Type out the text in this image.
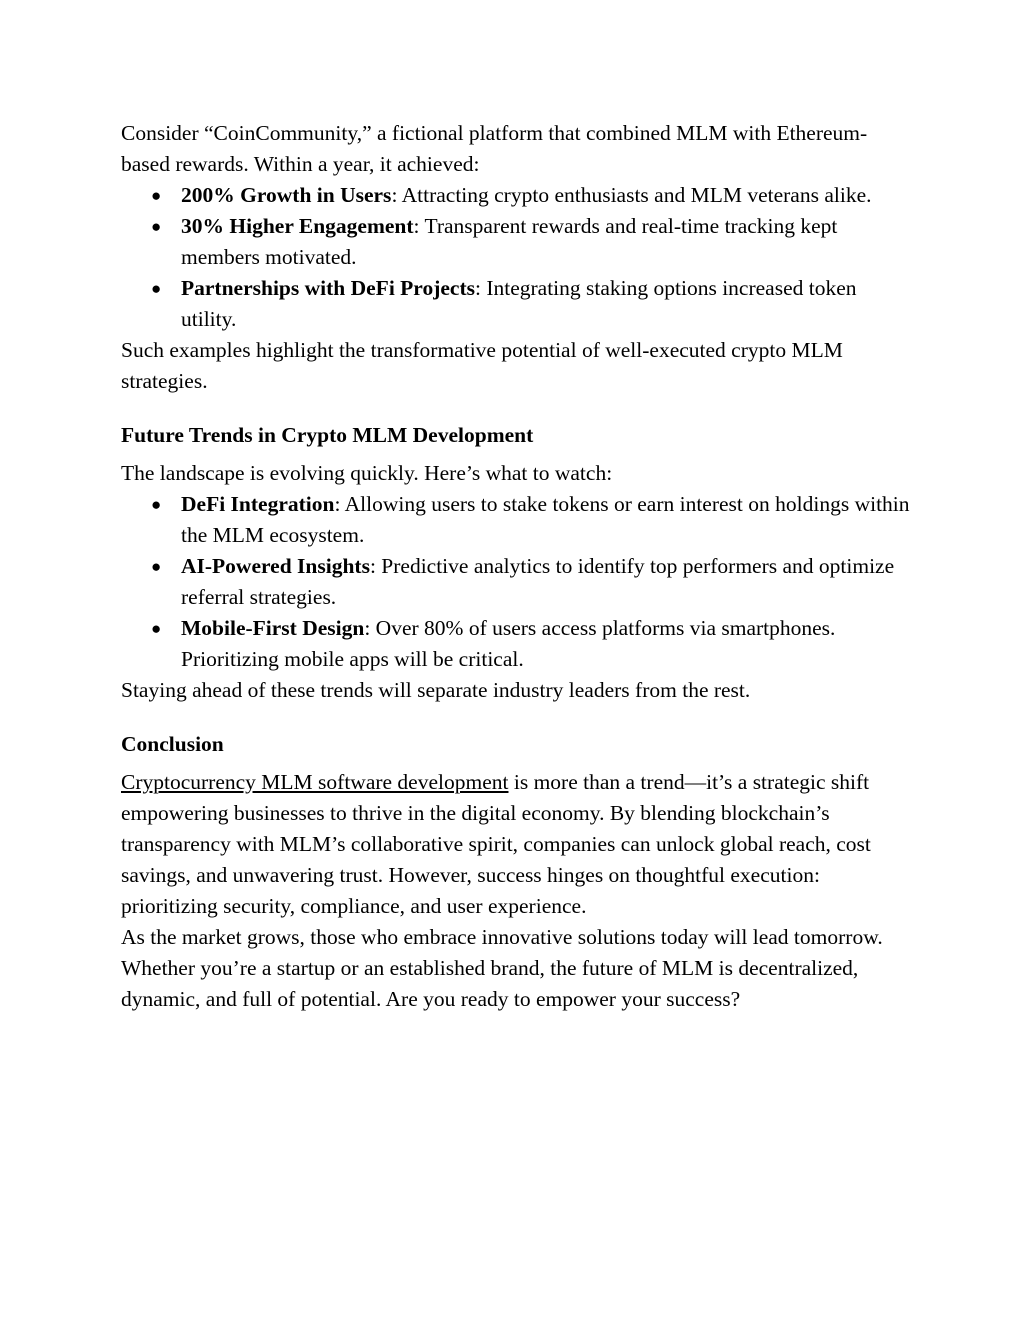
Consider “CoinCommunity,” a fictional platform that combined MLM with Ethereum-based rewards. Within a year, it achieved:

● 200% Growth in Users: Attracting crypto enthusiasts and MLM veterans alike.
● 30% Higher Engagement: Transparent rewards and real-time tracking kept members motivated.
● Partnerships with DeFi Projects: Integrating staking options increased token utility.

Such examples highlight the transformative potential of well-executed crypto MLM strategies.

Future Trends in Crypto MLM Development

The landscape is evolving quickly. Here’s what to watch:

● DeFi Integration: Allowing users to stake tokens or earn interest on holdings within the MLM ecosystem.
● AI-Powered Insights: Predictive analytics to identify top performers and optimize referral strategies.
● Mobile-First Design: Over 80% of users access platforms via smartphones. Prioritizing mobile apps will be critical.

Staying ahead of these trends will separate industry leaders from the rest.

Conclusion

Cryptocurrency MLM software development is more than a trend—it’s a strategic shift empowering businesses to thrive in the digital economy. By blending blockchain’s transparency with MLM’s collaborative spirit, companies can unlock global reach, cost savings, and unwavering trust. However, success hinges on thoughtful execution: prioritizing security, compliance, and user experience.

As the market grows, those who embrace innovative solutions today will lead tomorrow. Whether you’re a startup or an established brand, the future of MLM is decentralized, dynamic, and full of potential. Are you ready to empower your success?
